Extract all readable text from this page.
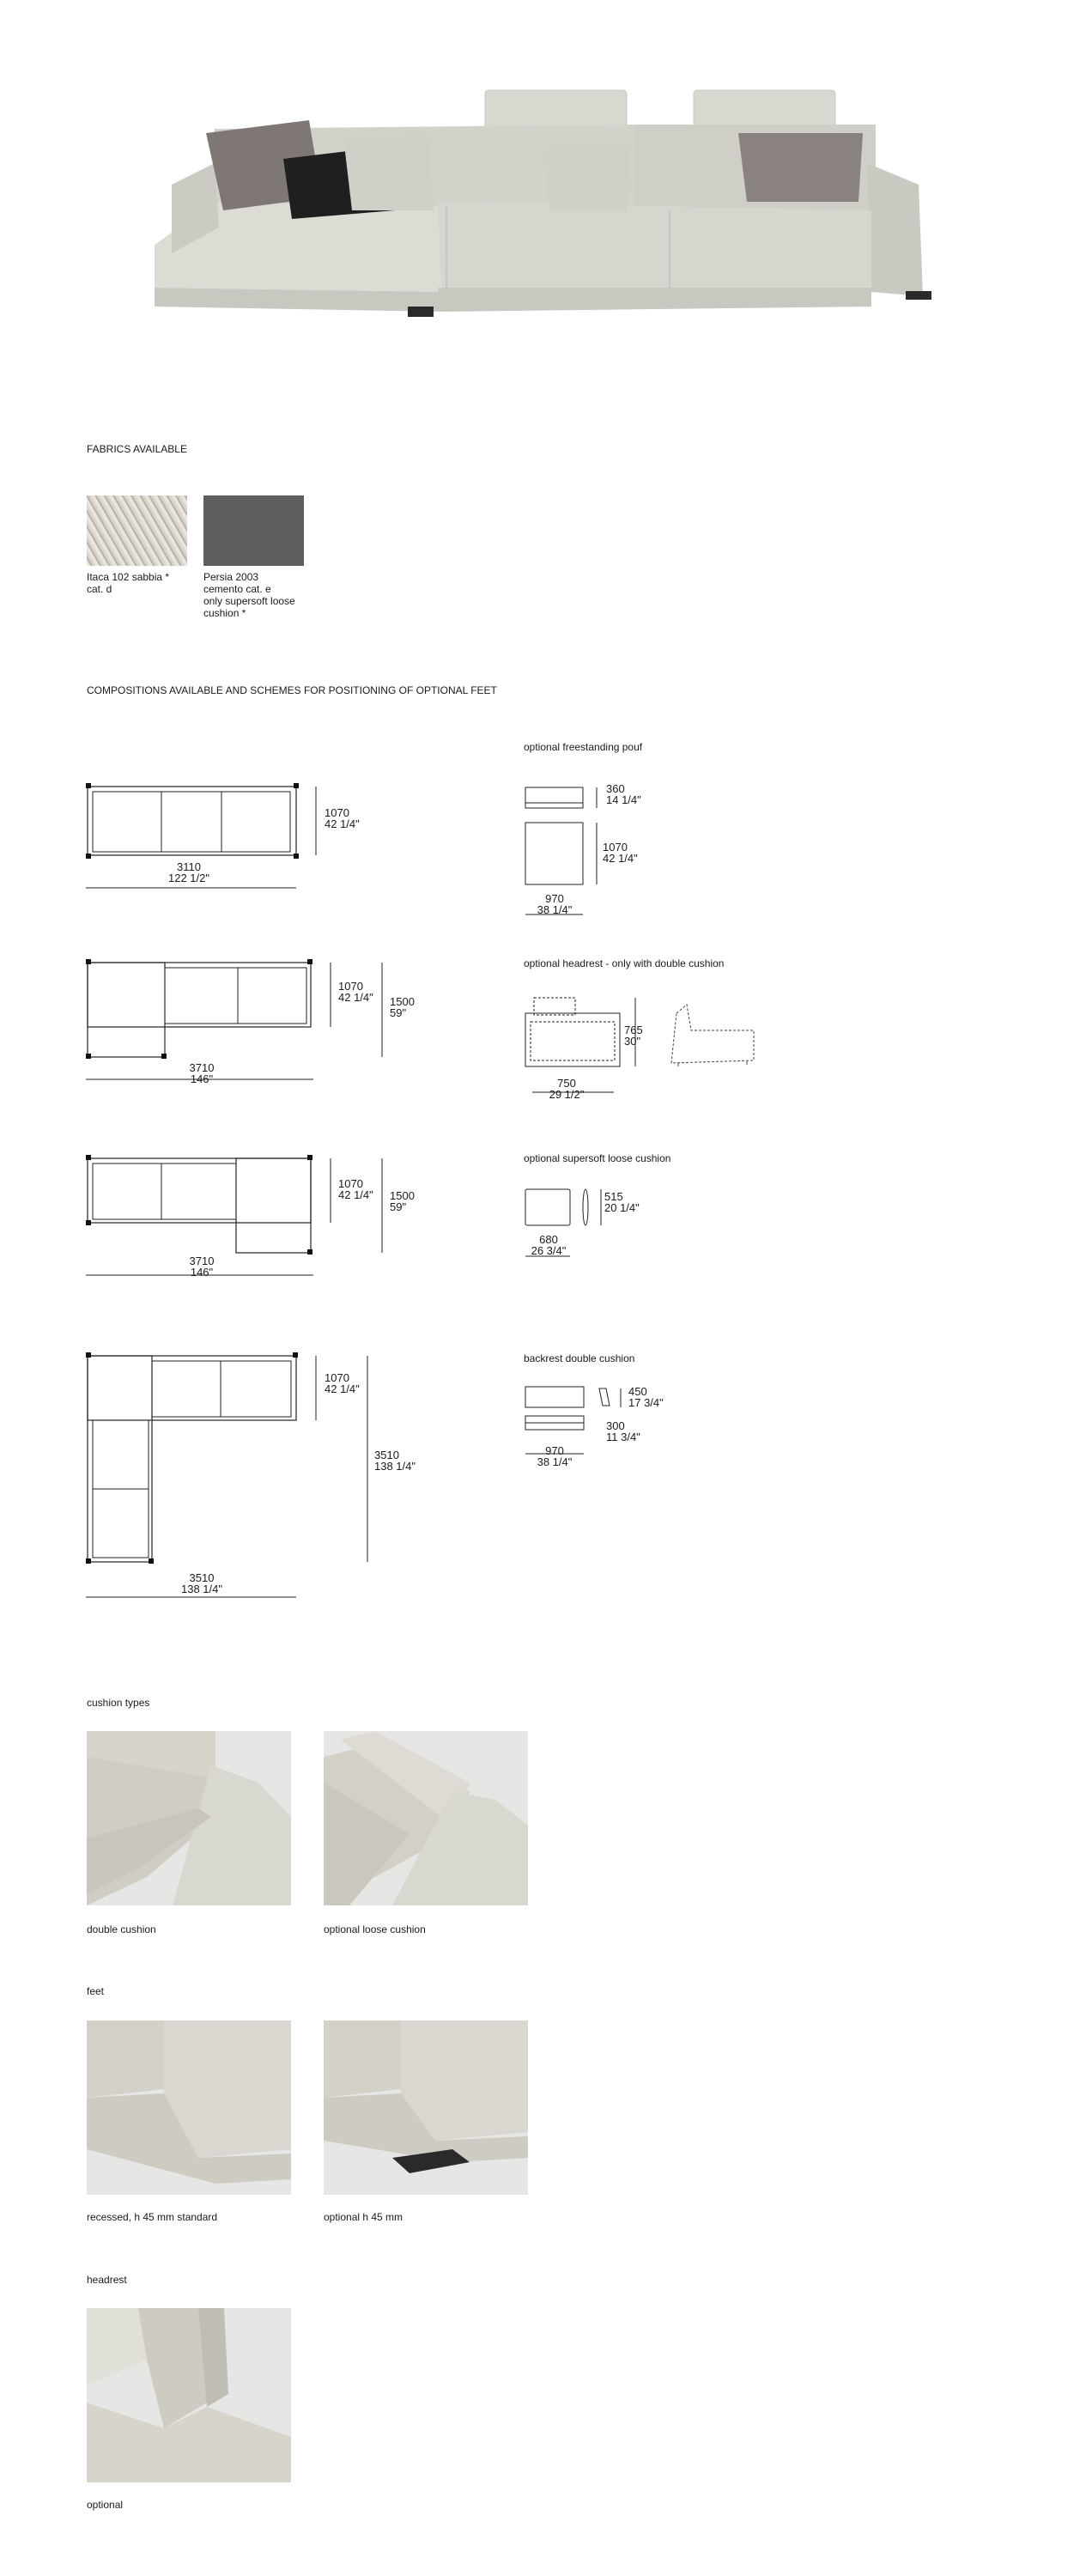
FABRICS AVAILABLE
Itaca 102 sabbia *
cat. d
Persia 2003
cemento cat. e
only supersoft loose
cushion *
COMPOSITIONS AVAILABLE AND SCHEMES FOR POSITIONING OF OPTIONAL FEET
3110
122 1/2"
1070
42 1/4"
3710
146"
1070
42 1/4"	1500
59"
3710
146"
1070
42 1/4"	1500
59"
3510
138 1/4"
1070
42 1/4"
3510
138 1/4"
optional freestanding pouf
360
14 1/4"
1070
42 1/4"
970
38 1/4"
optional headrest - only with double cushion
765
30"
750
29 1/2"
optional supersoft loose cushion
515
20 1/4"
680
26 3/4"
backrest double cushion
450
17 3/4"
300
11 3/4"
970
38 1/4"
cushion types
double cushion	optional loose cushion
feet
recessed, h 45 mm standard	optional h 45 mm
headrest
optional
